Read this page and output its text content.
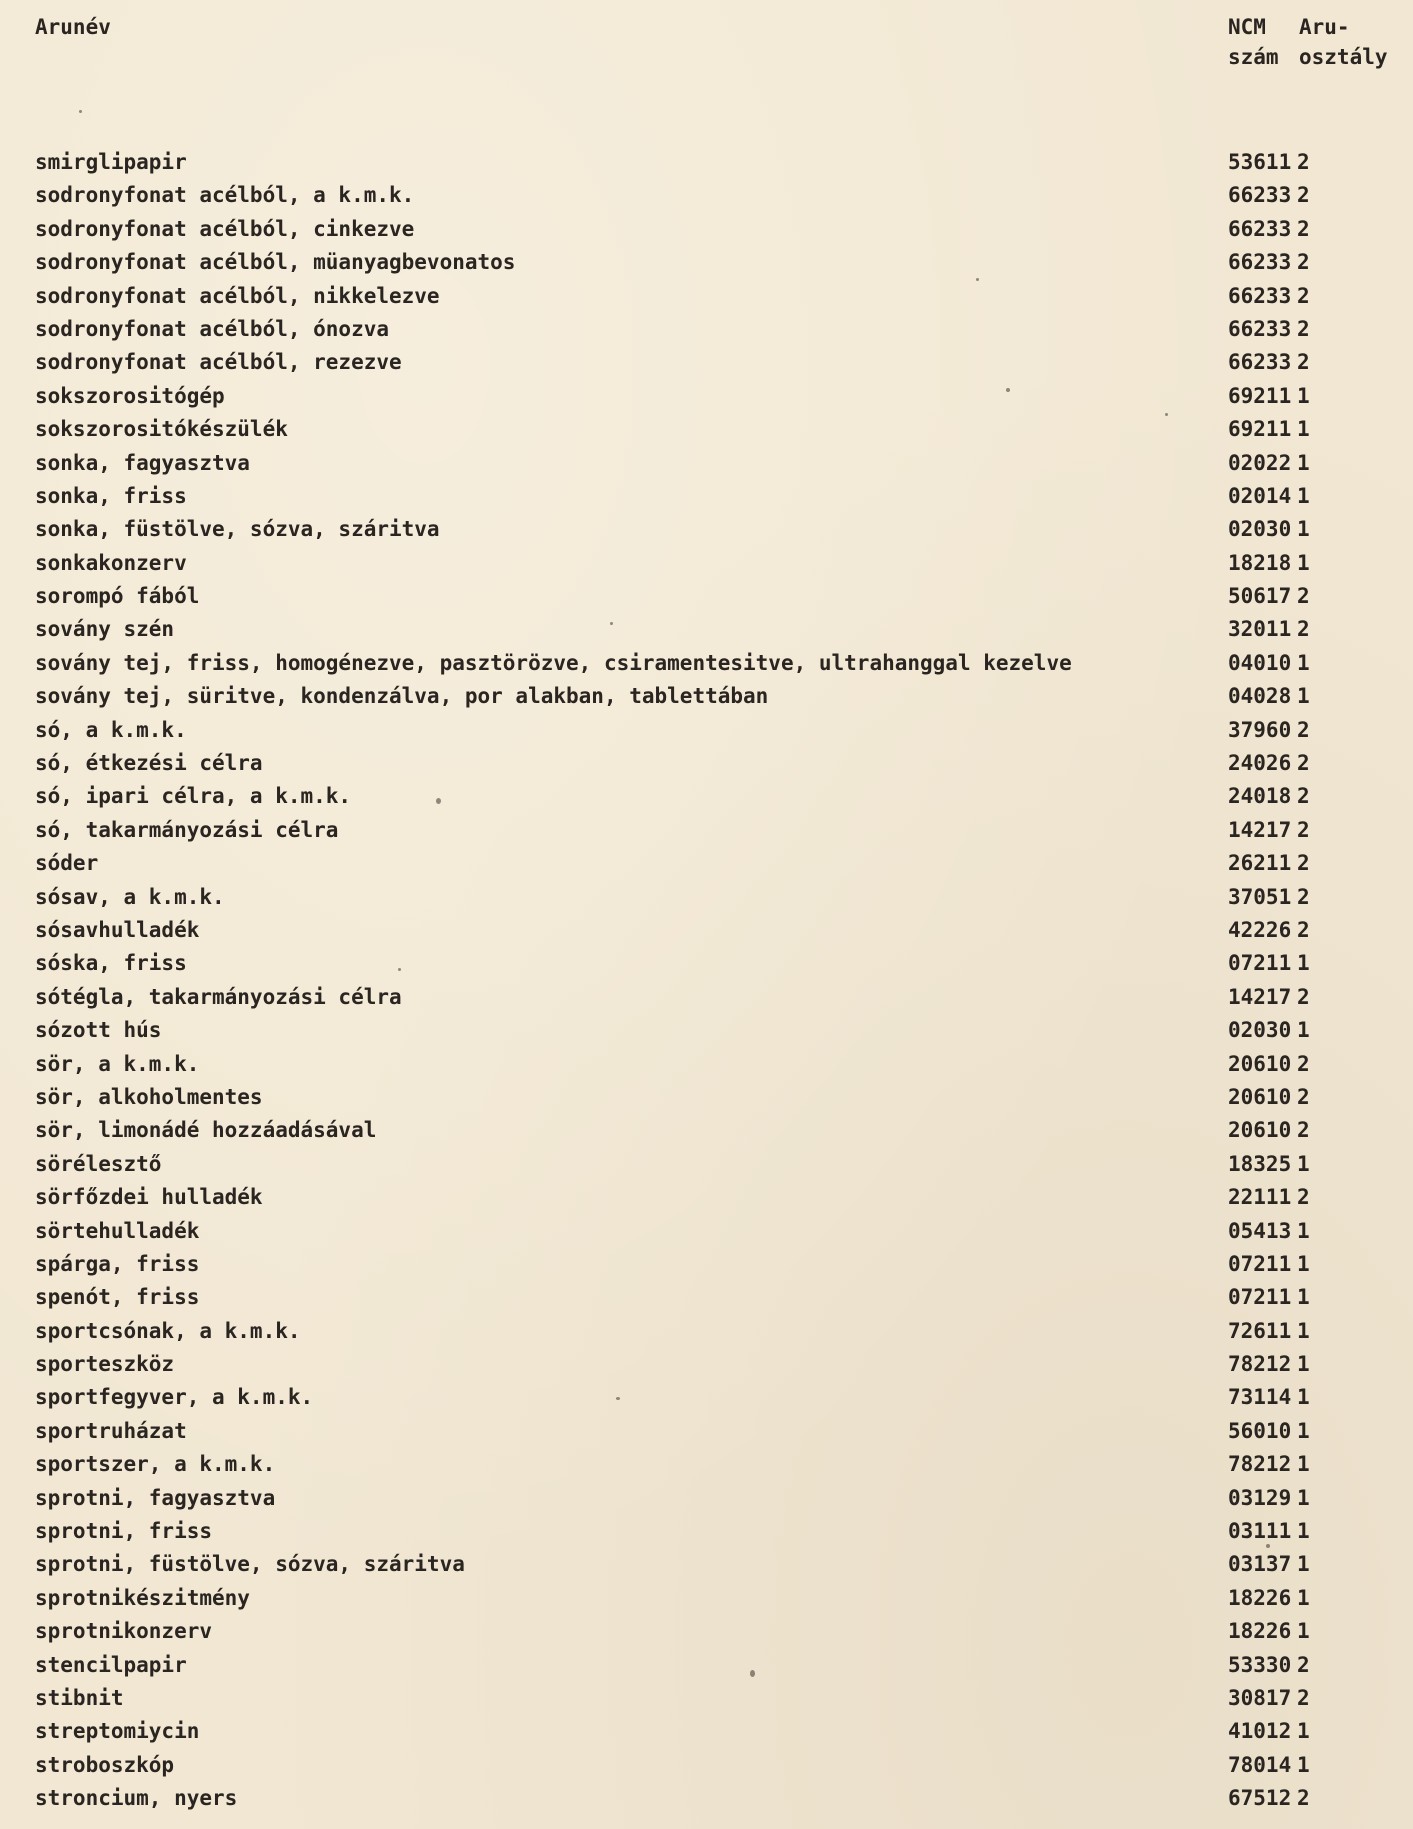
Arunév	NCM
szám
Aru-
osztály
smirglipapir	53611 2
sodronyfonat acélból, a k.m.k.	66233 2
sodronyfonat acélból, cinkezve	66233 2
sodronyfonat acélból, müanyagbevonatos	66233 2
sodronyfonat acélból, nikkelezve	66233 2
sodronyfonat acélból, ónozva	66233 2
sodronyfonat acélból, rezezve	66233 2
sokszorositógép	69211 1
sokszorositókészülék	69211 1
sonka, fagyasztva	02022 1
sonka, friss	02014 1
sonka, füstölve, sózva, száritva	02030 1
sonkakonzerv	18218 1
sorompó fából	50617 2
sovány szén	32011 2
sovány tej, friss, homogénezve, pasztörözve, csiramentesitve, ultrahanggal kezelve	04010 1
sovány tej, süritve, kondenzálva, por alakban, tablettában	04028 1
só, a k.m.k.	37960 2
só, étkezési célra	24026 2
só, ipari célra, a k.m.k.	24018 2
só, takarmányozási célra	14217 2
sóder	26211 2
sósav, a k.m.k.	37051 2
sósavhulladék	42226 2
sóska, friss	07211 1
sótégla, takarmányozási célra	14217 2
sózott hús	02030 1
sör, a k.m.k.	20610 2
sör, alkoholmentes	20610 2
sör, limonádé hozzáadásával	20610 2
sörélesztő	18325 1
sörfőzdei hulladék	22111 2
sörtehulladék	05413 1
spárga, friss	07211 1
spenót, friss	07211 1
sportcsónak, a k.m.k.	72611 1
sporteszköz	78212 1
sportfegyver, a k.m.k.	73114 1
sportruházat	56010 1
sportszer, a k.m.k.	78212 1
sprotni, fagyasztva	03129 1
sprotni, friss	03111 1
sprotni, füstölve, sózva, száritva	03137 1
sprotnikészitmény	18226 1
sprotnikonzerv	18226 1
stencilpapir	53330 2
stibnit	30817 2
streptomiycin	41012 1
stroboszkóp	78014 1
stroncium, nyers	67512 2
